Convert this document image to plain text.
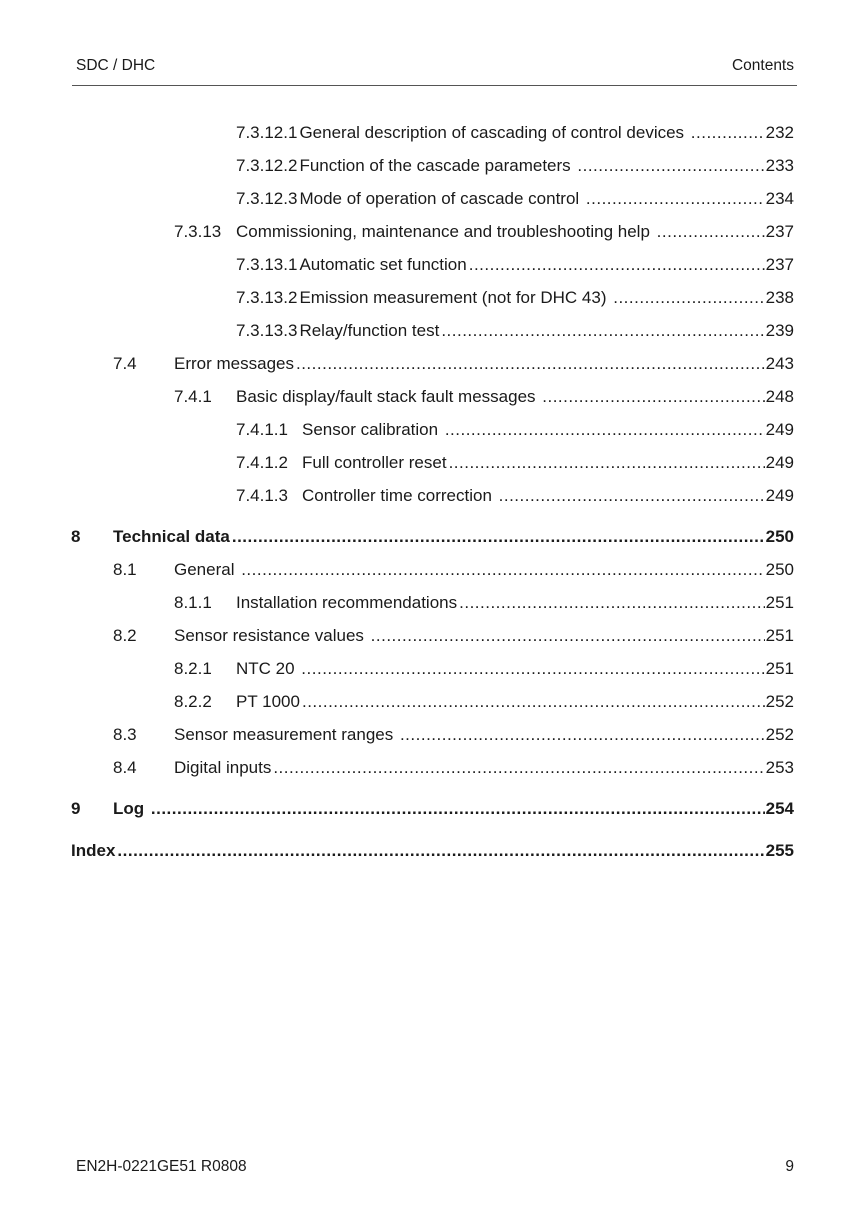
SDC / DHC	Contents
7.3.12.1 General description of cascading of control devices .....	232
7.3.12.2 Function of the cascade parameters .....	233
7.3.12.3 Mode of operation of cascade control .....	234
7.3.13 Commissioning, maintenance and troubleshooting help .....	237
7.3.13.1 Automatic set function .....	237
7.3.13.2 Emission measurement (not for DHC 43) .....	238
7.3.13.3 Relay/function test .....	239
7.4	Error messages .....	243
7.4.1	Basic display/fault stack fault messages .....	248
7.4.1.1 Sensor calibration .....	249
7.4.1.2 Full controller reset .....	249
7.4.1.3 Controller time correction .....	249
8	Technical data .....	250
8.1	General .....	250
8.1.1	Installation recommendations .....	251
8.2	Sensor resistance values .....	251
8.2.1	NTC 20 .....	251
8.2.2	PT 1000 .....	252
8.3	Sensor measurement ranges .....	252
8.4	Digital inputs .....	253
9	Log .....	254
Index .....	255
EN2H-0221GE51 R0808	9
